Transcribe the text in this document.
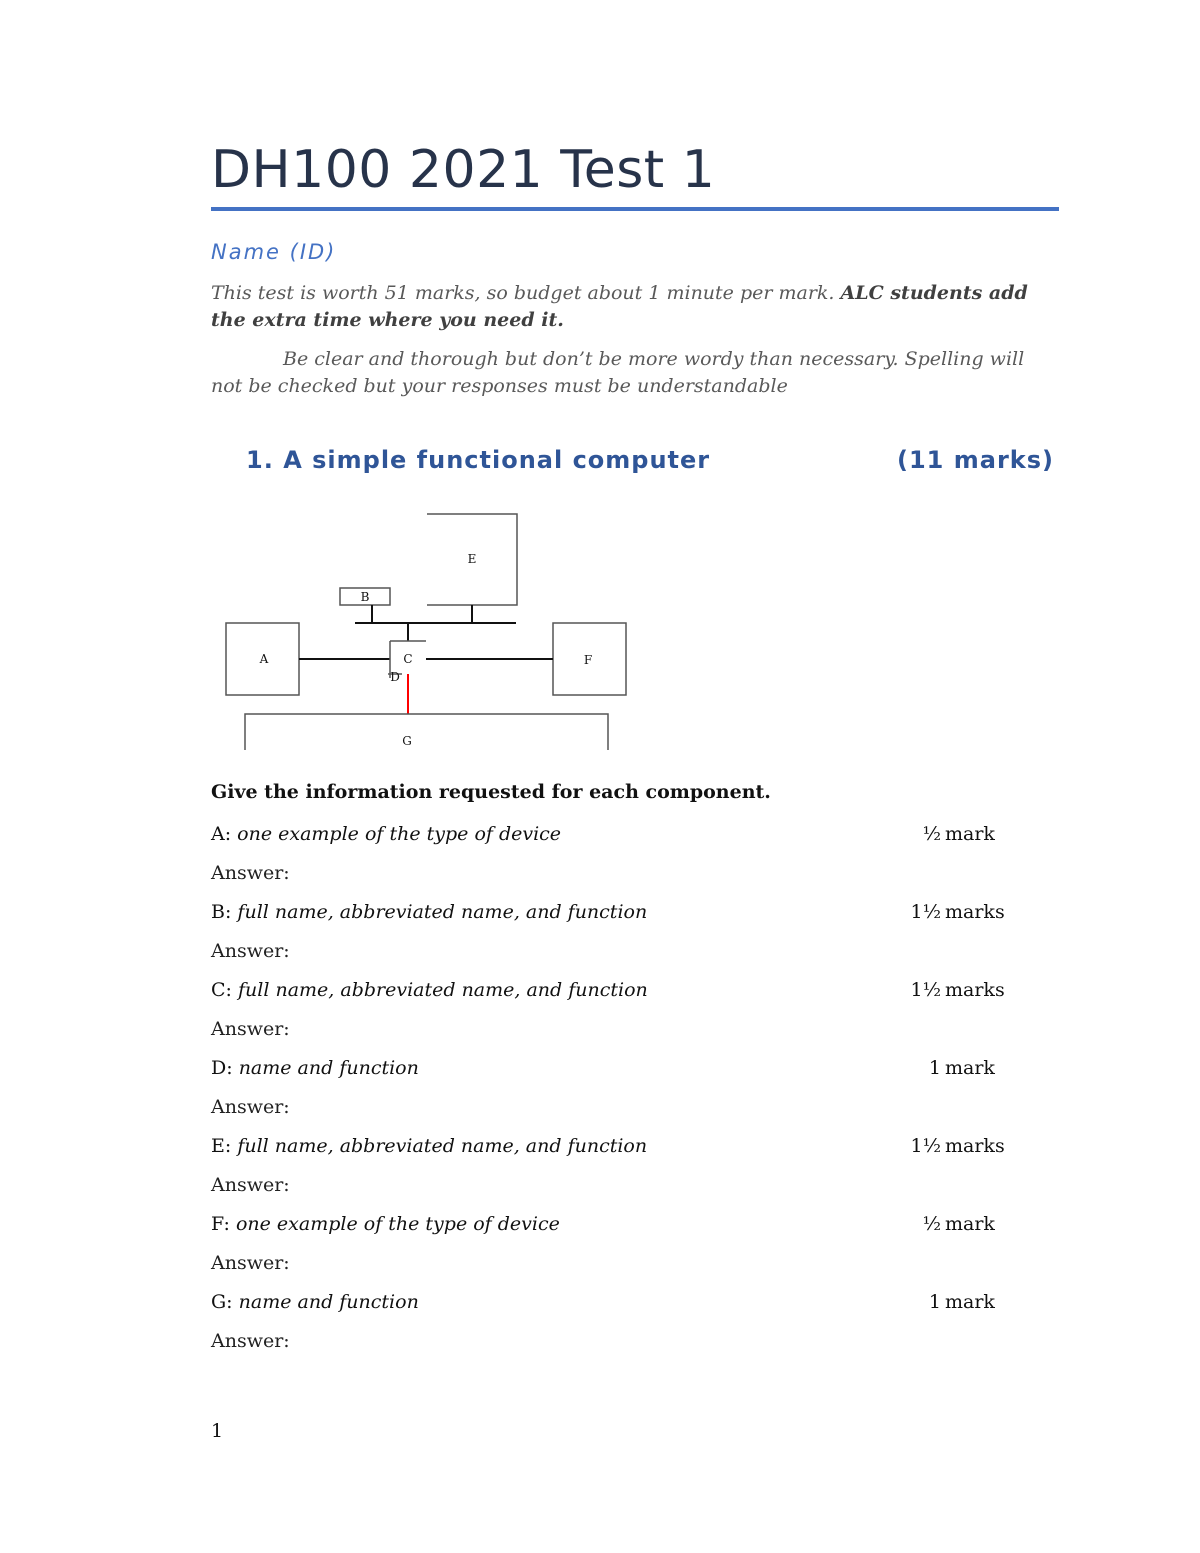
DH100 2021 Test 1
Name (ID)
This test is worth 51 marks, so budget about 1 minute per mark. ALC students add the extra time where you need it.
Be clear and thorough but don’t be more wordy than necessary. Spelling will not be checked but your responses must be understandable
1. A simple functional computer	(11 marks)
E
B
A	F
C
D
G
Give the information requested for each component.
A: one example of the type of device	½ mark
Answer:
B: full name, abbreviated name, and function	1½ marks
Answer:
C: full name, abbreviated name, and function	1½ marks
Answer:
D: name and function	1 mark
Answer:
E: full name, abbreviated name, and function	1½ marks
Answer:
F: one example of the type of device	½ mark
Answer:
G: name and function	1 mark
Answer:
1
